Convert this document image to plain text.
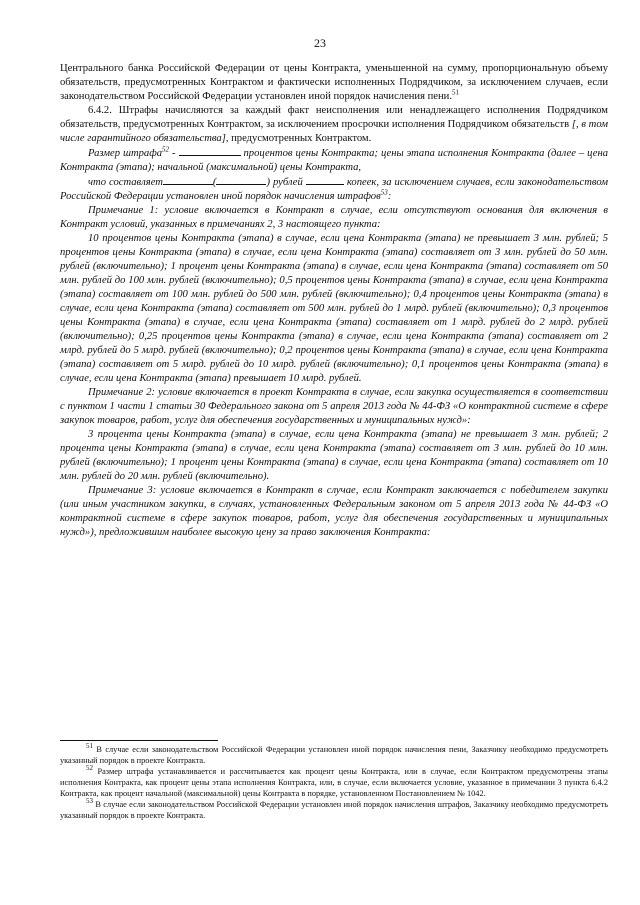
23

Центрального банка Российской Федерации от цены Контракта, уменьшенной на сумму, пропорциональную объему обязательств, предусмотренных Контрактом и фактически исполненных Подрядчиком, за исключением случаев, если законодательством Российской Федерации установлен иной порядок начисления пени.$^{51}$

6.4.2. Штрафы начисляются за каждый факт неисполнения или ненадлежащего исполнения Подрядчиком обязательств, предусмотренных Контрактом, за исключением просрочки исполнения Подрядчиком обязательств [, в том числе гарантийного обязательства], предусмотренных Контрактом.

Размер штрафа$^{52}$ -	процентов цены Контракта; цены этапа исполнения Контракта (далее – цена Контракта (этапа); начальной (максимальной) цены Контракта,
что составляет	(	) рублей	копеек, за исключением случаев, если законодательством Российской Федерации установлен иной порядок начисления штрафов$^{53}$:

Примечание 1: условие включается в Контракт в случае, если отсутствуют основания для включения в Контракт условий, указанных в примечаниях 2, 3 настоящего пункта:

10 процентов цены Контракта (этапа) в случае, если цена Контракта (этапа) не превышает 3 млн. рублей; 5 процентов цены Контракта (этапа) в случае, если цена Контракта (этапа) составляет от 3 млн. рублей до 50 млн. рублей (включительно); 1 процент цены Контракта (этапа) в случае, если цена Контракта (этапа) составляет от 50 млн. рублей до 100 млн. рублей (включительно); 0,5 процентов цены Контракта (этапа) в случае, если цена Контракта (этапа) составляет от 100 млн. рублей до 500 млн. рублей (включительно); 0,4 процентов цены Контракта (этапа) в случае, если цена Контракта (этапа) составляет от 500 млн. рублей до 1 млрд. рублей (включительно); 0,3 процентов цены Контракта (этапа) в случае, если цена Контракта (этапа) составляет от 1 млрд. рублей до 2 млрд. рублей (включительно); 0,25 процентов цены Контракта (этапа) в случае, если цена Контракта (этапа) составляет от 2 млрд. рублей до 5 млрд. рублей (включительно); 0,2 процентов цены Контракта (этапа) в случае, если цена Контракта (этапа) составляет от 5 млрд. рублей до 10 млрд. рублей (включительно); 0,1 процентов цены Контракта (этапа) в случае, если цена Контракта (этапа) превышает 10 млрд. рублей.

Примечание 2: условие включается в проект Контракта в случае, если закупка осуществляется в соответствии с пунктом 1 части 1 статьи 30 Федерального закона от 5 апреля 2013 года № 44-ФЗ «О контрактной системе в сфере закупок товаров, работ, услуг для обеспечения государственных и муниципальных нужд»:

3 процента цены Контракта (этапа) в случае, если цена Контракта (этапа) не превышает 3 млн. рублей; 2 процента цены Контракта (этапа) в случае, если цена Контракта (этапа) составляет от 3 млн. рублей до 10 млн. рублей (включительно); 1 процент цены Контракта (этапа) в случае, если цена Контракта (этапа) составляет от 10 млн. рублей до 20 млн. рублей (включительно).

Примечание 3: условие включается в Контракт в случае, если Контракт заключается с победителем закупки (или иным участником закупки, в случаях, установленных Федеральным законом от 5 апреля 2013 года № 44-ФЗ «О контрактной системе в сфере закупок товаров, работ, услуг для обеспечения государственных и муниципальных нужд»), предложившим наиболее высокую цену за право заключения Контракта:

$^{51}$ В случае если законодательством Российской Федерации установлен иной порядок начисления пени, Заказчику необходимо предусмотреть указанный порядок в проекте Контракта.

$^{52}$ Размер штрафа устанавливается и рассчитывается как процент цены Контракта, или в случае, если Контрактом предусмотрены этапы исполнения Контракта, как процент цены этапа исполнения Контракта, или, в случае, если включается условие, указанное в примечании 3 пункта 6.4.2 Контракта, как процент начальной (максимальной) цены Контракта в порядке, установленном Постановлением № 1042.

$^{53}$ В случае если законодательством Российской Федерации установлен иной порядок начисления штрафов, Заказчику необходимо предусмотреть указанный порядок в проекте Контракта.
